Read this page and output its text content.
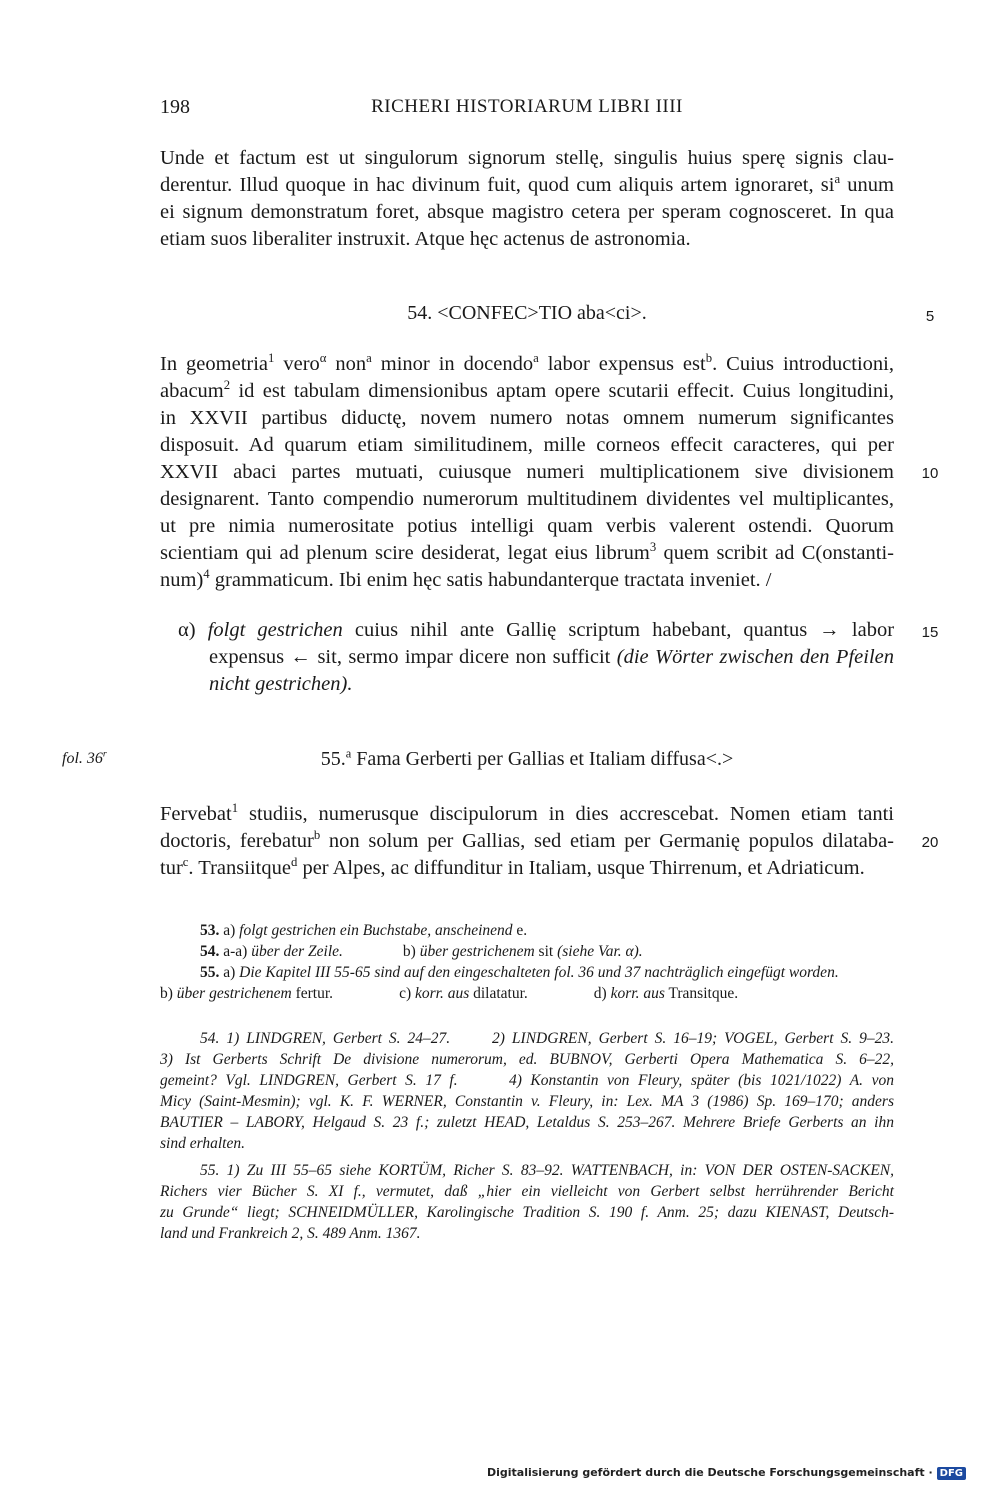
198	RICHERI HISTORIARUM LIBRI IIII
Unde et factum est ut singulorum signorum stellę, singulis huius sperę signis clau-
derentur. Illud quoque in hac divinum fuit, quod cum aliquis artem ignoraret, $si^a$ unum
ei signum demonstratum foret, absque magistro cetera per speram cognosceret. In qua
etiam suos liberaliter instruxit. Atque hęc actenus de astronomia.
54. <CONFEC>TIO aba<ci>.	5
In geometria$^1$ vero$^\alpha$ non$^a$ minor in docendo$^a$ labor expensus est$^b$. Cuius introductioni,
abacum$^2$ id est tabulam dimensionibus aptam opere scutarii effecit. Cuius longitudini,
in XXVII partibus diductę, novem numero notas omnem numerum significantes
disposuit. Ad quarum etiam similitudinem, mille corneos effecit caracteres, qui per
XXVII abaci partes mutuati, cuiusque numeri multiplicationem sive divisionem
designarent. Tanto compendio numerorum multitudinem dividentes vel multiplicantes,
ut pre nimia numerositate potius intelligi quam verbis valerent ostendi. Quorum
scientiam qui ad plenum scire desiderat, legat eius librum$^3$ quem scribit ad C(onstanti-
num)$^4$ grammaticum. Ibi enim hęc satis habundanterque tractata inveniet. /
10
α) folgt gestrichen cuius nihil ante Gallię scriptum habebant, quantus → labor
expensus ← sit, sermo impar dicere non sufficit (die Wörter zwischen den Pfeilen
nicht gestrichen).
15
fol. 36$^r$	55.$^a$ Fama Gerberti per Gallias et Italiam diffusa<.>
Fervebat$^1$ studiis, numerusque discipulorum in dies accrescebat. Nomen etiam tanti
doctoris, ferebatur$^b$ non solum per Gallias, sed etiam per Germanię populos dilataba-
tur$^c$. Transiitque$^d$ per Alpes, ac diffunditur in Italiam, usque Thirrenum, et Adriaticum.
20
53. a) folgt gestrichen ein Buchstabe, anscheinend e.
54. a-a) über der Zeile.	b) über gestrichenem sit (siehe Var. α).
55. a) Die Kapitel III 55-65 sind auf den eingeschalteten fol. 36 und 37 nachträglich eingefügt worden.
b) über gestrichenem fertur.	c) korr. aus dilatatur.	d) korr. aus Transitque.
54. 1) LINDGREN, Gerbert S. 24–27.      2) LINDGREN, Gerbert S. 16–19; VOGEL, Gerbert S. 9–23.
3) Ist Gerberts Schrift De divisione numerorum, ed. BUBNOV, Gerberti Opera Mathematica S. 6–22,
gemeint? Vgl. LINDGREN, Gerbert S. 17 f.      4) Konstantin von Fleury, später (bis 1021/1022) A. von
Micy (Saint-Mesmin); vgl. K. F. WERNER, Constantin v. Fleury, in: Lex. MA 3 (1986) Sp. 169–170; anders
BAUTIER – LABORY, Helgaud S. 23 f.; zuletzt HEAD, Letaldus S. 253–267. Mehrere Briefe Gerberts an ihn
sind erhalten.
55. 1) Zu III 55–65 siehe KORTÜM, Richer S. 83–92. WATTENBACH, in: VON DER OSTEN-SACKEN,
Richers vier Bücher S. XI f., vermutet, daß „hier ein vielleicht von Gerbert selbst herrührender Bericht
zu Grunde“ liegt; SCHNEIDMÜLLER, Karolingische Tradition S. 190 f. Anm. 25; dazu KIENAST, Deutsch-
land und Frankreich 2, S. 489 Anm. 1367.
Digitalisierung gefördert durch die Deutsche Forschungsgemeinschaft · DFG
